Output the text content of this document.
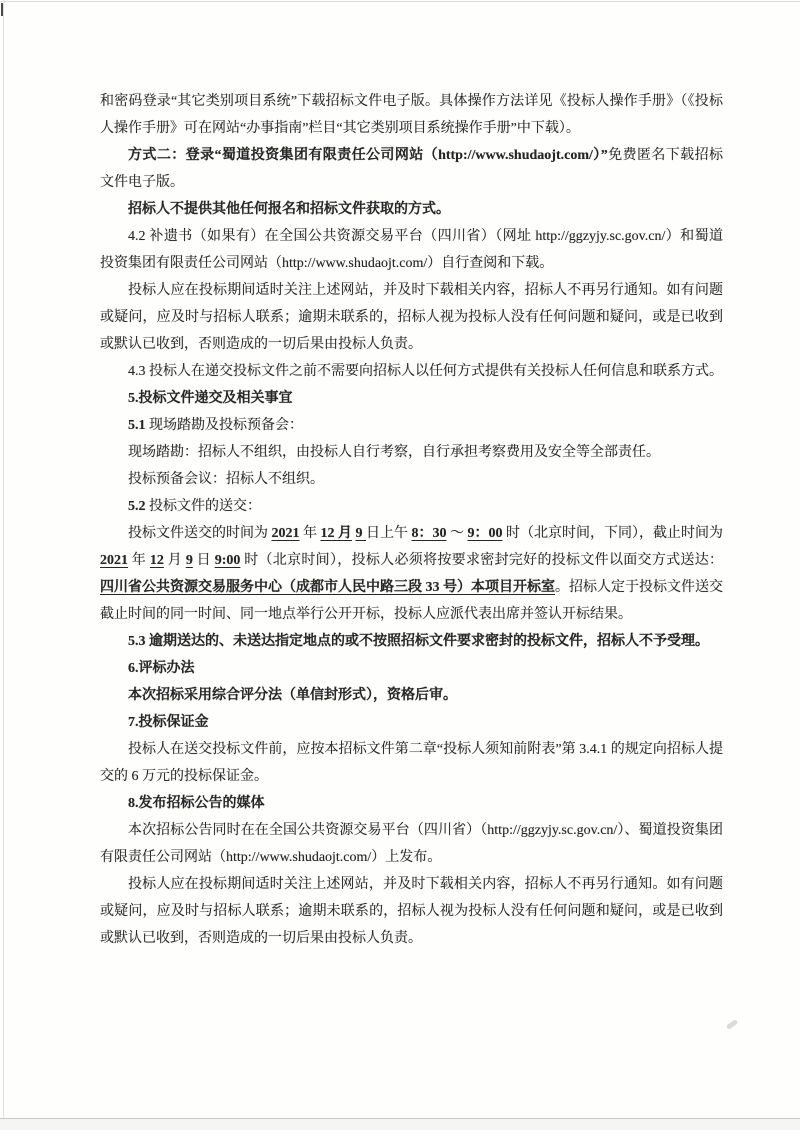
和密码登录“其它类别项目系统”下载招标文件电子版。具体操作方法详见《投标人操作手册》（《投标人操作手册》可在网站“办事指南”栏目“其它类别项目系统操作手册”中下载）。

方式二：登录“蜀道投资集团有限责任公司网站（http://www.shudaojt.com/）”免费匿名下载招标文件电子版。

招标人不提供其他任何报名和招标文件获取的方式。

4.2 补遗书（如果有）在全国公共资源交易平台（四川省）（网址 http://ggzyjy.sc.gov.cn/）和蜀道投资集团有限责任公司网站（http://www.shudaojt.com/）自行查阅和下载。

投标人应在投标期间适时关注上述网站，并及时下载相关内容，招标人不再另行通知。如有问题或疑问，应及时与招标人联系；逾期未联系的，招标人视为投标人没有任何问题和疑问，或是已收到或默认已收到，否则造成的一切后果由投标人负责。

4.3 投标人在递交投标文件之前不需要向招标人以任何方式提供有关投标人任何信息和联系方式。

5.投标文件递交及相关事宜

5.1 现场踏勘及投标预备会：

现场踏勘：招标人不组织，由投标人自行考察，自行承担考察费用及安全等全部责任。

投标预备会议：招标人不组织。

5.2 投标文件的送交：

投标文件送交的时间为 2021 年 12 月 9 日上午 8：30 ～ 9：00 时（北京时间，下同），截止时间为 2021 年 12 月 9 日 9:00 时（北京时间），投标人必须将按要求密封完好的投标文件以面交方式送达：四川省公共资源交易服务中心（成都市人民中路三段 33 号）本项目开标室。招标人定于投标文件送交截止时间的同一时间、同一地点举行公开开标，投标人应派代表出席并签认开标结果。

5.3 逾期送达的、未送达指定地点的或不按照招标文件要求密封的投标文件，招标人不予受理。

6.评标办法

本次招标采用综合评分法（单信封形式），资格后审。

7.投标保证金

投标人在送交投标文件前，应按本招标文件第二章“投标人须知前附表”第 3.4.1 的规定向招标人提交的 6 万元的投标保证金。

8.发布招标公告的媒体

本次招标公告同时在在全国公共资源交易平台（四川省）（http://ggzyjy.sc.gov.cn/）、蜀道投资集团有限责任公司网站（http://www.shudaojt.com/）上发布。

投标人应在投标期间适时关注上述网站，并及时下载相关内容，招标人不再另行通知。如有问题或疑问，应及时与招标人联系；逾期未联系的，招标人视为投标人没有任何问题和疑问，或是已收到或默认已收到，否则造成的一切后果由投标人负责。
